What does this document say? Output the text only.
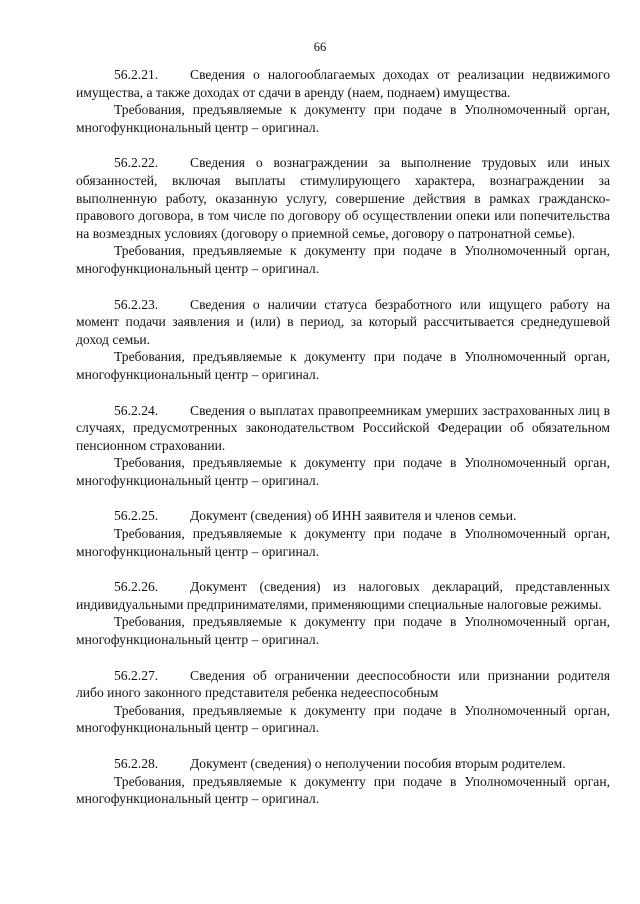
66

56.2.21. Сведения о налогооблагаемых доходах от реализации недвижимого имущества, а также доходах от сдачи в аренду (наем, поднаем) имущества.

Требования, предъявляемые к документу при подаче в Уполномоченный орган, многофункциональный центр – оригинал.

56.2.22. Сведения о вознаграждении за выполнение трудовых или иных обязанностей, включая выплаты стимулирующего характера, вознаграждении за выполненную работу, оказанную услугу, совершение действия в рамках гражданско-правового договора, в том числе по договору об осуществлении опеки или попечительства на возмездных условиях (договору о приемной семье, договору о патронатной семье).

Требования, предъявляемые к документу при подаче в Уполномоченный орган, многофункциональный центр – оригинал.

56.2.23. Сведения о наличии статуса безработного или ищущего работу на момент подачи заявления и (или) в период, за который рассчитывается среднедушевой доход семьи.

Требования, предъявляемые к документу при подаче в Уполномоченный орган, многофункциональный центр – оригинал.

56.2.24. Сведения о выплатах правопреемникам умерших застрахованных лиц в случаях, предусмотренных законодательством Российской Федерации об обязательном пенсионном страховании.

Требования, предъявляемые к документу при подаче в Уполномоченный орган, многофункциональный центр – оригинал.

56.2.25. Документ (сведения) об ИНН заявителя и членов семьи.

Требования, предъявляемые к документу при подаче в Уполномоченный орган, многофункциональный центр – оригинал.

56.2.26. Документ (сведения) из налоговых деклараций, представленных индивидуальными предпринимателями, применяющими специальные налоговые режимы.

Требования, предъявляемые к документу при подаче в Уполномоченный орган, многофункциональный центр – оригинал.

56.2.27. Сведения об ограничении дееспособности или признании родителя либо иного законного представителя ребенка недееспособным

Требования, предъявляемые к документу при подаче в Уполномоченный орган, многофункциональный центр – оригинал.

56.2.28. Документ (сведения) о неполучении пособия вторым родителем.

Требования, предъявляемые к документу при подаче в Уполномоченный орган, многофункциональный центр – оригинал.
